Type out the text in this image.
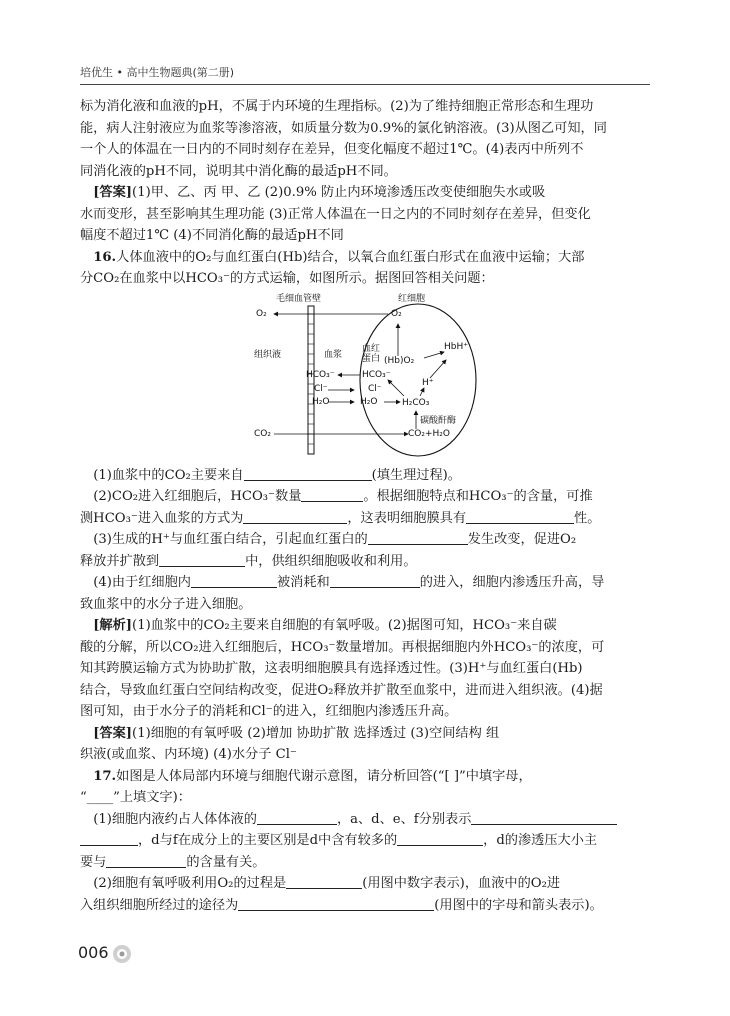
培优生 • 高中生物题典(第二册)

标为消化液和血液的pH，不属于内环境的生理指标。(2)为了维持细胞正常形态和生理功

能，病人注射液应为血浆等渗溶液，如质量分数为0.9%的氯化钠溶液。(3)从图乙可知，同

一个人的体温在一日内的不同时刻存在差异，但变化幅度不超过1℃。(4)表丙中所列不

同消化液的pH不同，说明其中消化酶的最适pH不同。

[答案](1)甲、乙、丙 甲、乙 (2)0.9% 防止内环境渗透压改变使细胞失水或吸

水而变形，甚至影响其生理功能 (3)正常人体温在一日之内的不同时刻存在差异，但变化

幅度不超过1℃ (4)不同消化酶的最适pH不同

16.人体血液中的O₂与血红蛋白(Hb)结合，以氧合血红蛋白形式在血液中运输；大部

分CO₂在血浆中以HCO₃⁻的方式运输，如图所示。据图回答相关问题：

毛细血管壁	红细胞
O₂	O₂
组织液	血浆
血红
蛋白 (Hb)O₂
HbH⁺
HCO₃⁻	HCO₃⁻
Cl⁻	Cl⁻
H₂O	H₂O
H⁺
H₂CO₃
碳酸酐酶
CO₂	CO₂+H₂O

(1)血浆中的CO₂主要来自	(填生理过程)。

(2)CO₂进入红细胞后，HCO₃⁻数量	。根据细胞特点和HCO₃⁻的含量，可推

测HCO₃⁻进入血浆的方式为	，这表明细胞膜具有	性。

(3)生成的H⁺与血红蛋白结合，引起血红蛋白的	发生改变，促进O₂

释放并扩散到	中，供组织细胞吸收和利用。

(4)由于红细胞内	被消耗和	的进入，细胞内渗透压升高，导

致血浆中的水分子进入细胞。

[解析](1)血浆中的CO₂主要来自细胞的有氧呼吸。(2)据图可知，HCO₃⁻来自碳

酸的分解，所以CO₂进入红细胞后，HCO₃⁻数量增加。再根据细胞内外HCO₃⁻的浓度，可

知其跨膜运输方式为协助扩散，这表明细胞膜具有选择透过性。(3)H⁺与血红蛋白(Hb)

结合，导致血红蛋白空间结构改变，促进O₂释放并扩散至血浆中，进而进入组织液。(4)据

图可知，由于水分子的消耗和Cl⁻的进入，红细胞内渗透压升高。

[答案](1)细胞的有氧呼吸 (2)增加 协助扩散 选择透过 (3)空间结构 组

织液(或血浆、内环境) (4)水分子 Cl⁻

17.如图是人体局部内环境与细胞代谢示意图，请分析回答(“[ ]”中填字母，

“____”上填文字)：

(1)细胞内液约占人体体液的	，a、d、e、f分别表示

，d与f在成分上的主要区别是d中含有较多的	，d的渗透压大小主

要与	的含量有关。

(2)细胞有氧呼吸利用O₂的过程是	(用图中数字表示)，血液中的O₂进

入组织细胞所经过的途径为	(用图中的字母和箭头表示)。

006
